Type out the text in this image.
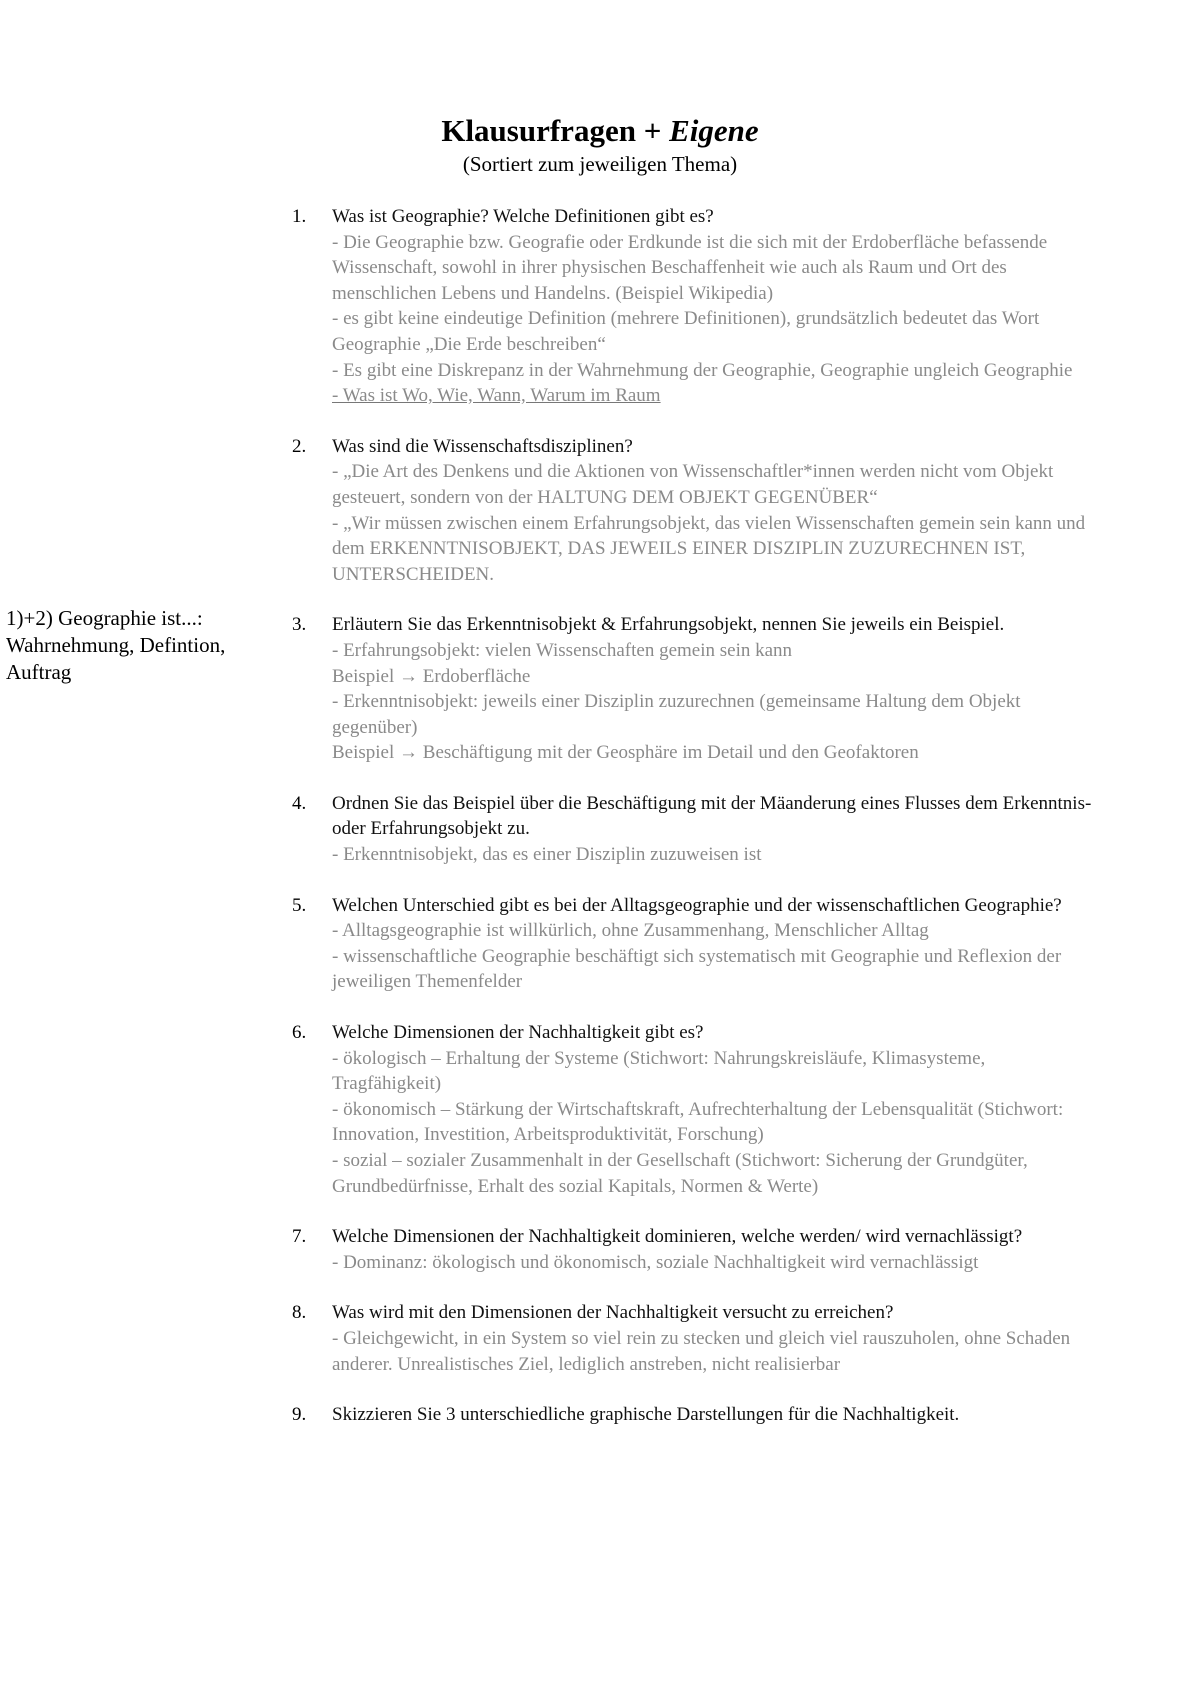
Klausurfragen + Eigene

(Sortiert zum jeweiligen Thema)

1)+2) Geographie ist...:
Wahrnehmung, Defintion,
Auftrag
1. Was ist Geographie? Welche Definitionen gibt es?
- Die Geographie bzw. Geografie oder Erdkunde ist die sich mit der Erdoberfläche befassende Wissenschaft, sowohl in ihrer physischen Beschaffenheit wie auch als Raum und Ort des menschlichen Lebens und Handelns. (Beispiel Wikipedia)
- es gibt keine eindeutige Definition (mehrere Definitionen), grundsätzlich bedeutet das Wort Geographie „Die Erde beschreiben“
- Es gibt eine Diskrepanz in der Wahrnehmung der Geographie, Geographie ungleich Geographie
- Was ist Wo, Wie, Wann, Warum im Raum
2. Was sind die Wissenschaftsdisziplinen?
- „Die Art des Denkens und die Aktionen von Wissenschaftler*innen werden nicht vom Objekt gesteuert, sondern von der HALTUNG DEM OBJEKT GEGENÜBER“
- „Wir müssen zwischen einem Erfahrungsobjekt, das vielen Wissenschaften gemein sein kann und dem ERKENNTNISOBJEKT, DAS JEWEILS EINER DISZIPLIN ZUZURECHNEN IST, UNTERSCHEIDEN.
3. Erläutern Sie das Erkenntnisobjekt & Erfahrungsobjekt, nennen Sie jeweils ein Beispiel.
- Erfahrungsobjekt: vielen Wissenschaften gemein sein kann
Beispiel → Erdoberfläche
- Erkenntnisobjekt: jeweils einer Disziplin zuzurechnen (gemeinsame Haltung dem Objekt gegenüber)
Beispiel → Beschäftigung mit der Geosphäre im Detail und den Geofaktoren
4. Ordnen Sie das Beispiel über die Beschäftigung mit der Mäanderung eines Flusses dem Erkenntnis- oder Erfahrungsobjekt zu.
- Erkenntnisobjekt, das es einer Disziplin zuzuweisen ist
5. Welchen Unterschied gibt es bei der Alltagsgeographie und der wissenschaftlichen Geographie?
- Alltagsgeographie ist willkürlich, ohne Zusammenhang, Menschlicher Alltag
- wissenschaftliche Geographie beschäftigt sich systematisch mit Geographie und Reflexion der jeweiligen Themenfelder
6. Welche Dimensionen der Nachhaltigkeit gibt es?
- ökologisch – Erhaltung der Systeme (Stichwort: Nahrungskreisläufe, Klimasysteme, Tragfähigkeit)
- ökonomisch – Stärkung der Wirtschaftskraft, Aufrechterhaltung der Lebensqualität (Stichwort: Innovation, Investition, Arbeitsproduktivität, Forschung)
- sozial – sozialer Zusammenhalt in der Gesellschaft (Stichwort: Sicherung der Grundgüter, Grundbedürfnisse, Erhalt des sozial Kapitals, Normen & Werte)
7. Welche Dimensionen der Nachhaltigkeit dominieren, welche werden/ wird vernachlässigt?
- Dominanz: ökologisch und ökonomisch, soziale Nachhaltigkeit wird vernachlässigt
8. Was wird mit den Dimensionen der Nachhaltigkeit versucht zu erreichen?
- Gleichgewicht, in ein System so viel rein zu stecken und gleich viel rauszuholen, ohne Schaden anderer. Unrealistisches Ziel, lediglich anstreben, nicht realisierbar
9. Skizzieren Sie 3 unterschiedliche graphische Darstellungen für die Nachhaltigkeit.
